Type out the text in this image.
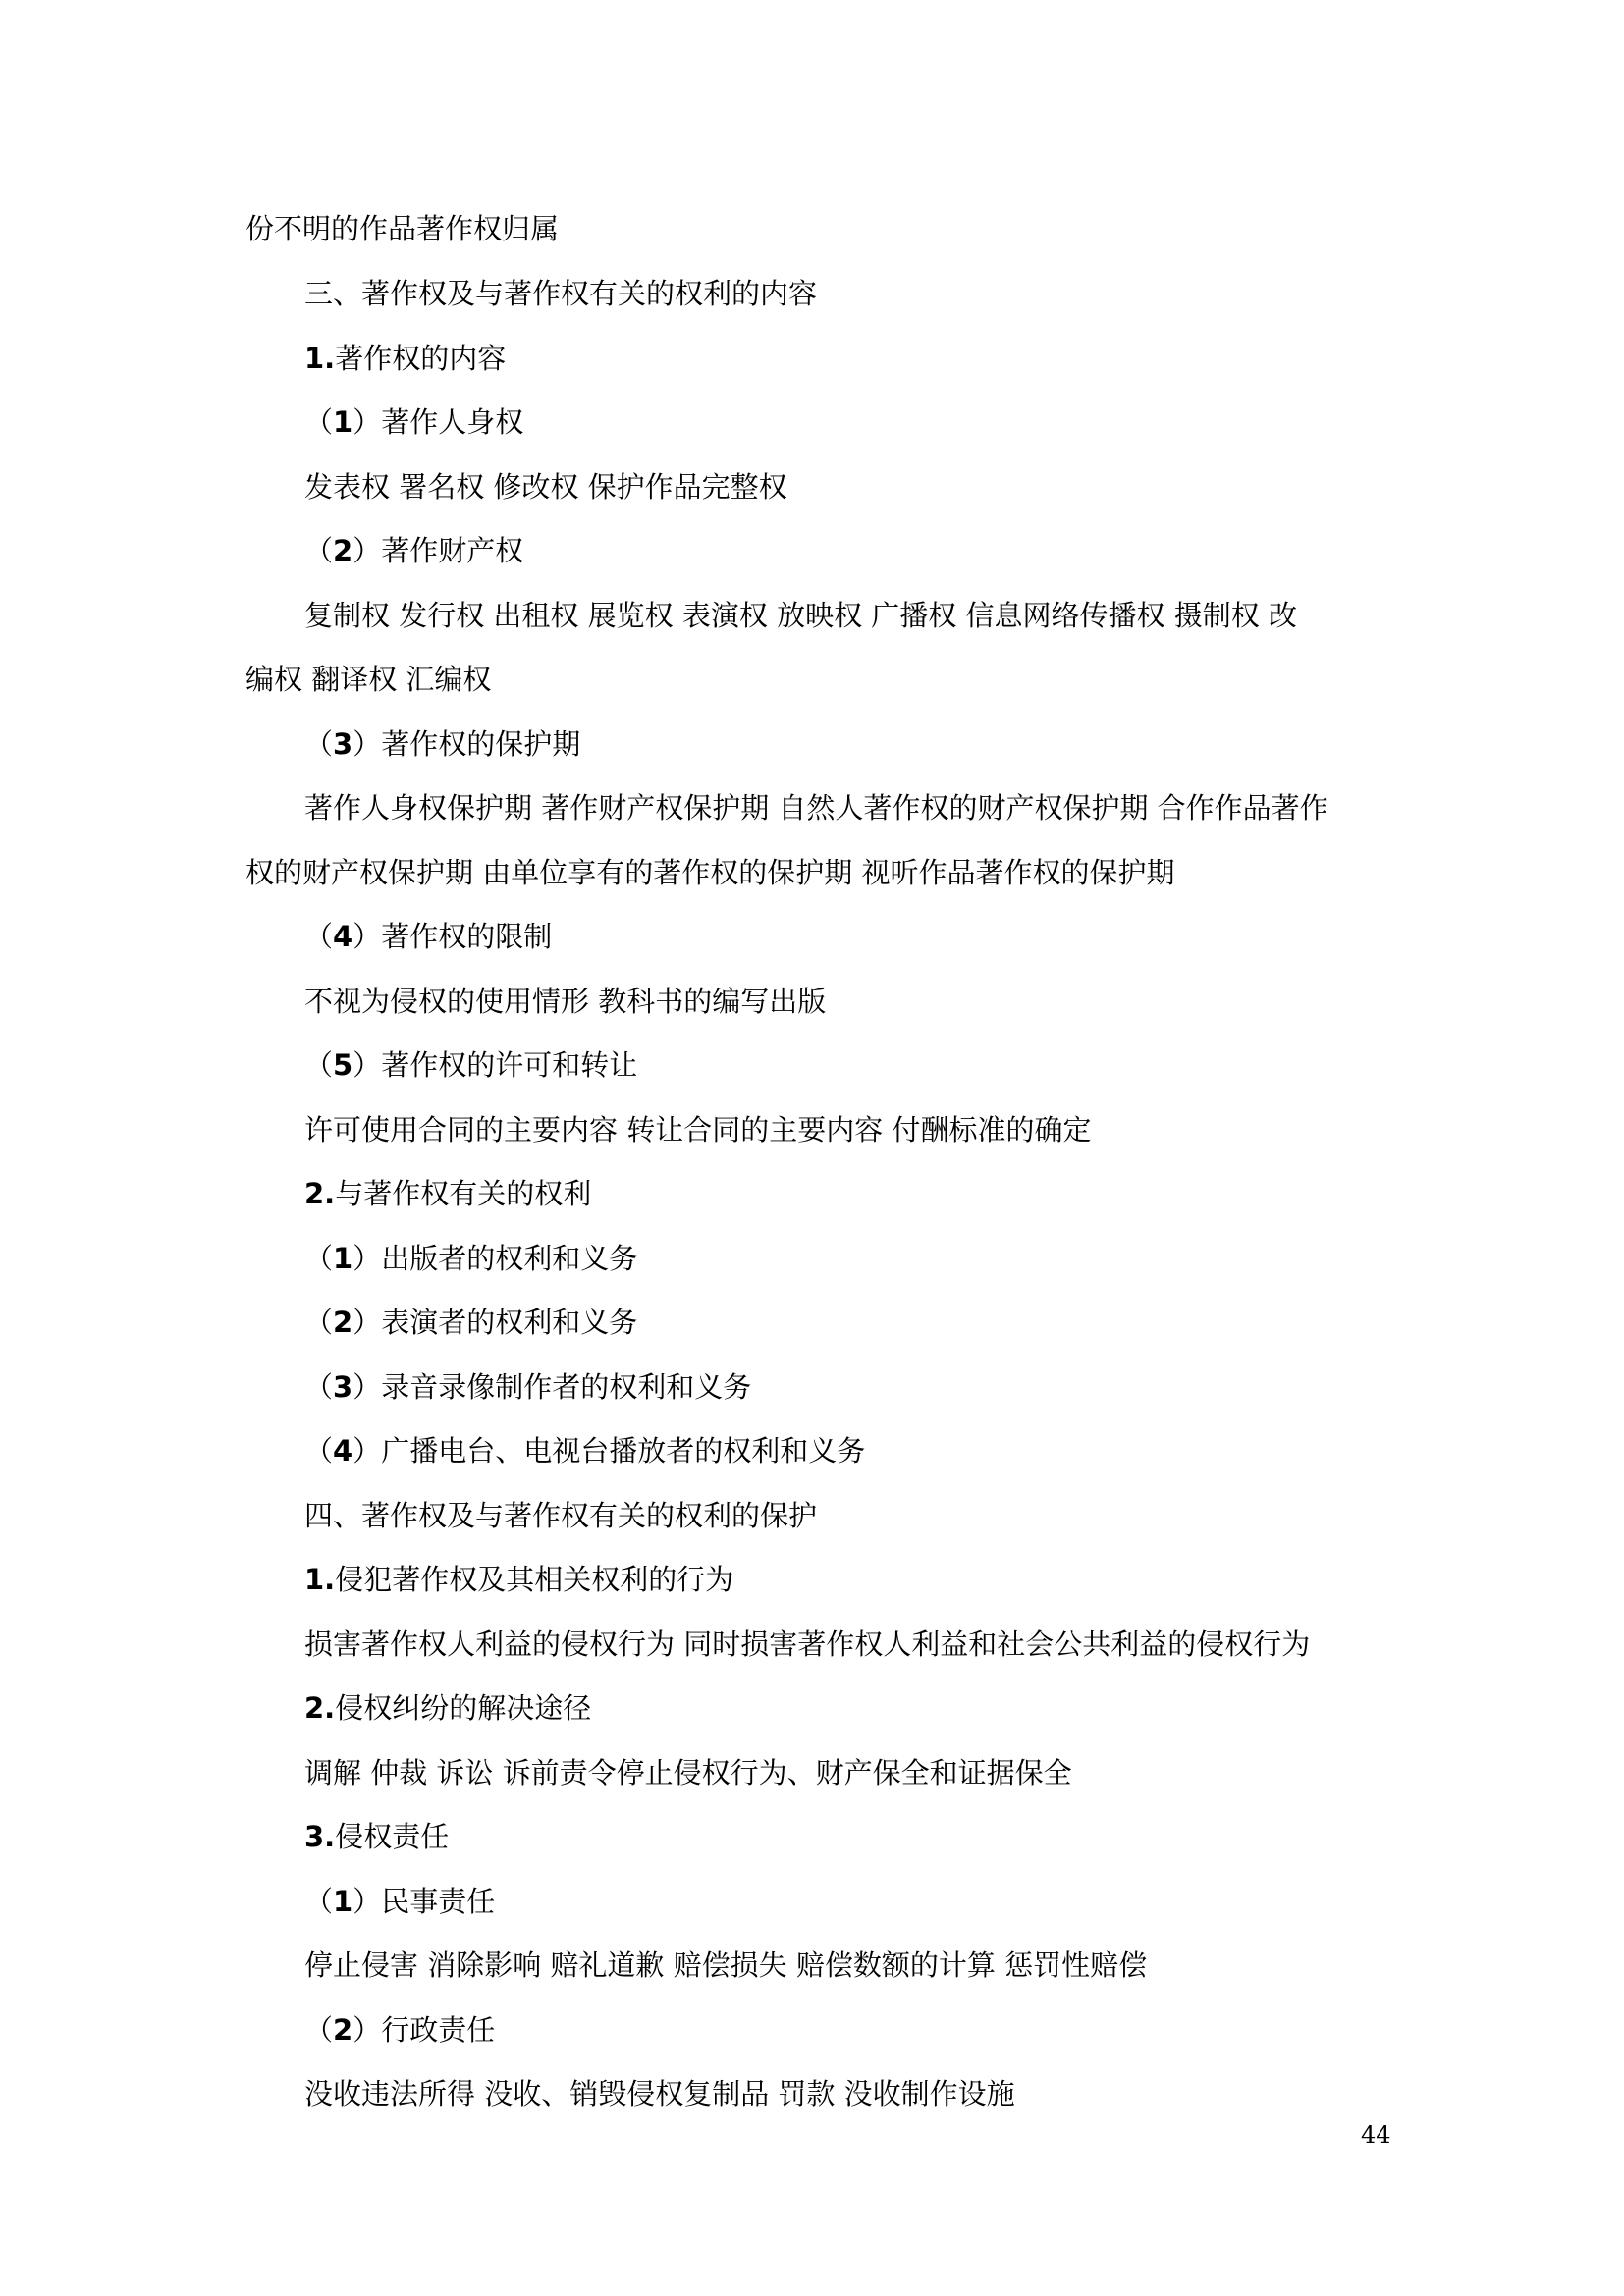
份不明的作品著作权归属
三、著作权及与著作权有关的权利的内容
1.著作权的内容
（1）著作人身权
发表权 署名权 修改权 保护作品完整权
（2）著作财产权
复制权 发行权 出租权 展览权 表演权 放映权 广播权 信息网络传播权 摄制权 改
编权 翻译权 汇编权
（3）著作权的保护期
著作人身权保护期 著作财产权保护期 自然人著作权的财产权保护期 合作作品著作
权的财产权保护期 由单位享有的著作权的保护期 视听作品著作权的保护期
（4）著作权的限制
不视为侵权的使用情形 教科书的编写出版
（5）著作权的许可和转让
许可使用合同的主要内容 转让合同的主要内容 付酬标准的确定
2.与著作权有关的权利
（1）出版者的权利和义务
（2）表演者的权利和义务
（3）录音录像制作者的权利和义务
（4）广播电台、电视台播放者的权利和义务
四、著作权及与著作权有关的权利的保护
1.侵犯著作权及其相关权利的行为
损害著作权人利益的侵权行为 同时损害著作权人利益和社会公共利益的侵权行为
2.侵权纠纷的解决途径
调解 仲裁 诉讼 诉前责令停止侵权行为、财产保全和证据保全
3.侵权责任
（1）民事责任
停止侵害 消除影响 赔礼道歉 赔偿损失 赔偿数额的计算 惩罚性赔偿
（2）行政责任
没收违法所得 没收、销毁侵权复制品 罚款 没收制作设施
44
